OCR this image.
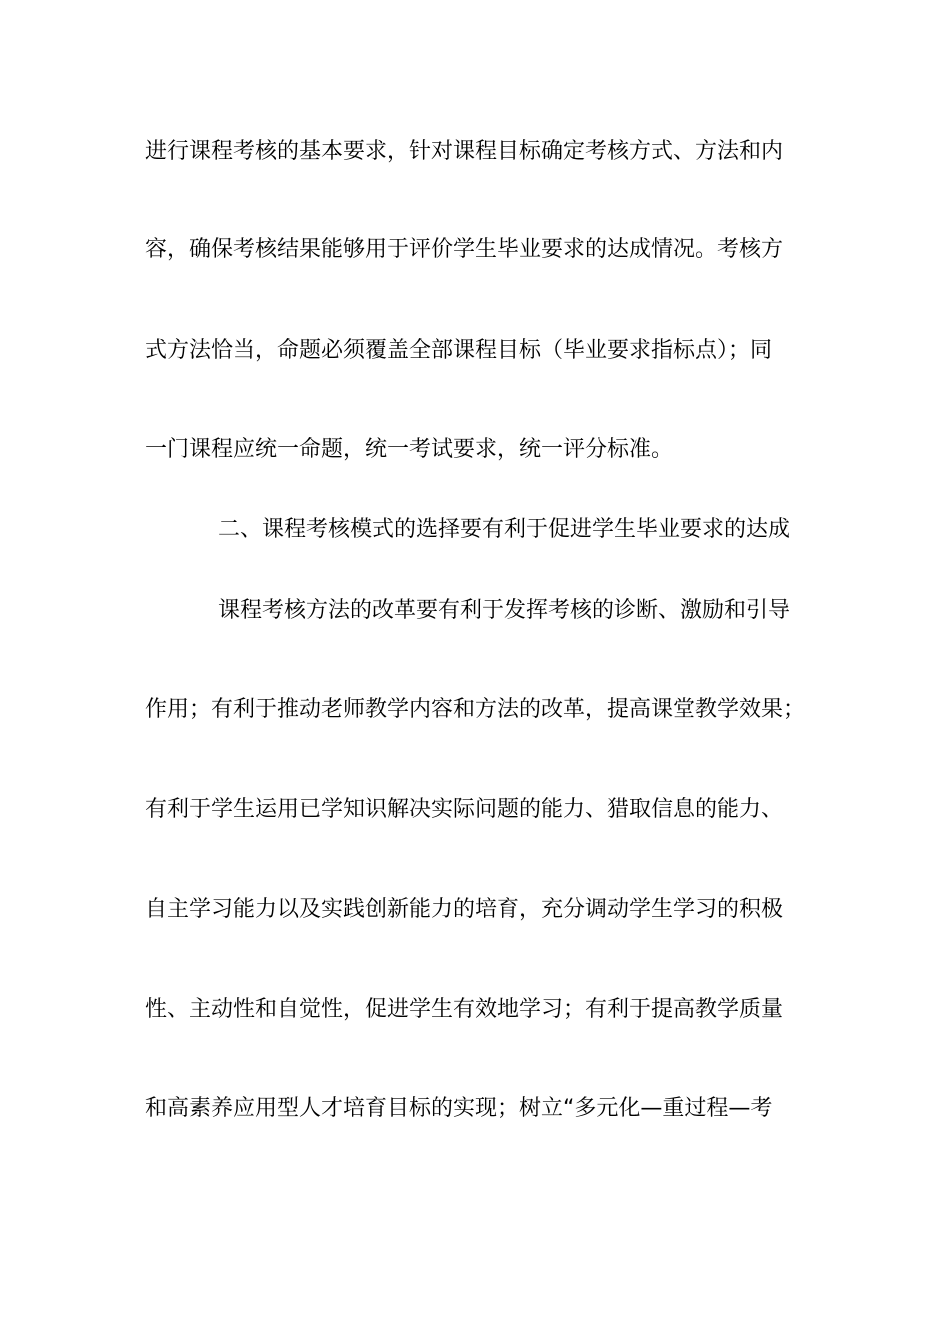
进行课程考核的基本要求，针对课程目标确定考核方式、方法和内

容，确保考核结果能够用于评价学生毕业要求的达成情况。考核方

式方法恰当，命题必须覆盖全部课程目标（毕业要求指标点）；同

一门课程应统一命题，统一考试要求，统一评分标准。

二、课程考核模式的选择要有利于促进学生毕业要求的达成

课程考核方法的改革要有利于发挥考核的诊断、激励和引导

作用；有利于推动老师教学内容和方法的改革，提高课堂教学效果；

有利于学生运用已学知识解决实际问题的能力、猎取信息的能力、

自主学习能力以及实践创新能力的培育，充分调动学生学习的积极

性、主动性和自觉性，促进学生有效地学习；有利于提高教学质量

和高素养应用型人才培育目标的实现；树立“多元化—重过程—考
